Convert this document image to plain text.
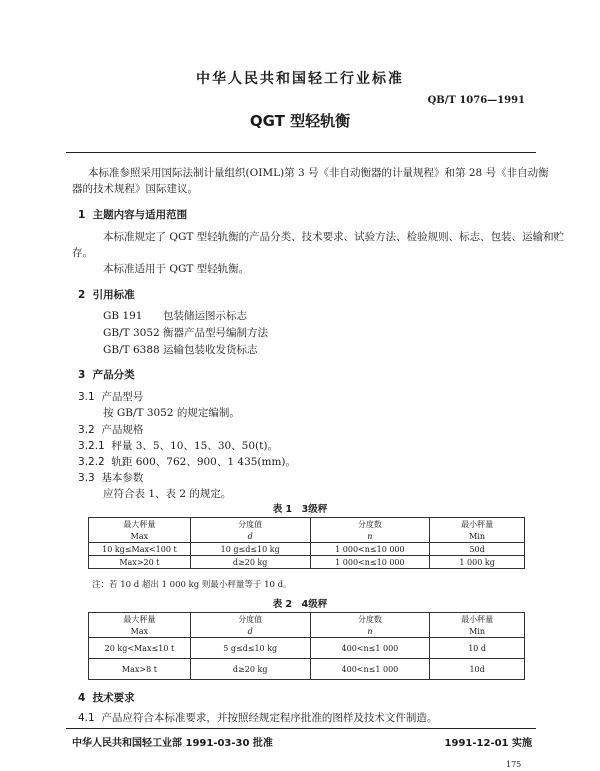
中华人民共和国轻工行业标准
QB/T 1076—1991
QGT 型轻轨衡
本标准参照采用国际法制计量组织(OIML)第 3 号《非自动衡器的计量规程》和第 28 号《非自动衡
器的技术规程》国际建议。
1 主题内容与适用范围
本标准规定了 QGT 型轻轨衡的产品分类、技术要求、试验方法、检验规则、标志、包装、运输和贮
存。
本标准适用于 QGT 型轻轨衡。
2 引用标准
GB 191 包装储运图示标志
GB/T 3052 衡器产品型号编制方法
GB/T 6388 运输包装收发货标志
3 产品分类
3.1 产品型号
按 GB/T 3052 的规定编制。
3.2 产品规格
3.2.1 秤量 3、5、10、15、30、50(t)。
3.2.2 轨距 600、762、900、1 435(mm)。
3.3 基本参数
应符合表 1、表 2 的规定。
表 1　3级秤
最大秤量	分度值	分度数	最小秤量
Max	d	n	Min
10 kg≤Max<100 t	10 g≤d≤10 kg	1 000<n≤10 000	50d
Max>20 t	d≥20 kg	1 000<n≤10 000	1 000 kg
注：若 10 d 超出 1 000 kg 则最小秤量等于 10 d。
表 2　4级秤
最大秤量	分度值	分度数	最小秤量
Max	d	n	Min
20 kg<Max≤10 t	5 g≤d≤10 kg	400<n≤1 000	10 d
Max>8 t	d≥20 kg	400<n≤1 000	10d
4 技术要求
4.1 产品应符合本标准要求，并按照经规定程序批准的图样及技术文件制造。
中华人民共和国轻工业部 1991-03-30 批准	1991-12-01 实施
175
